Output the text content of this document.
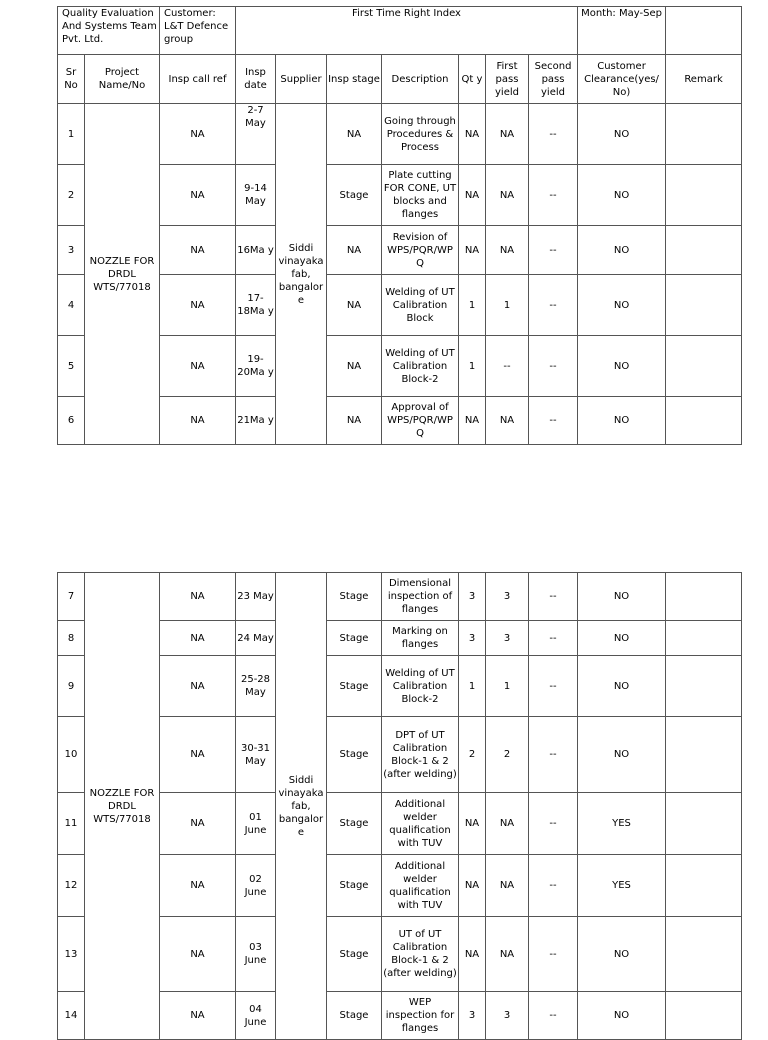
Quality Evaluation And Systems Team Pvt. Ltd.		Customer: L&T Defence group	First Time Right Index							Month: May-Sep	
Sr No	Project Name/No	Insp call ref	Insp date	Supplier	Insp stage	Description	Qt y	First pass yield	Second pass yield	Customer Clearance(yes/ No)	Remark
1	NOZZLE FOR DRDL WTS/77018	NA	2-7 May	Siddi vinayaka fab, bangalor e	NA	Going through Procedures & Process	NA	NA	--	NO	
2		NA	9-14 May		Stage	Plate cutting FOR CONE, UT blocks and flanges	NA	NA	--	NO	
3		NA	16Ma y		NA	Revision of WPS/PQR/WP Q	NA	NA	--	NO	
4		NA	17-18Ma y		NA	Welding of UT Calibration Block	1	1	--	NO	
5		NA	19-20Ma y		NA	Welding of UT Calibration Block-2	1	--	--	NO	
6		NA	21Ma y		NA	Approval of WPS/PQR/WP Q	NA	NA	--	NO	
7	NOZZLE FOR DRDL WTS/77018	NA	23 May	Siddi vinayaka fab, bangalor e	Stage	Dimensional inspection of flanges	3	3	--	NO	
8		NA	24 May		Stage	Marking on flanges	3	3	--	NO	
9		NA	25-28 May		Stage	Welding of UT Calibration Block-2	1	1	--	NO	
10		NA	30-31 May		Stage	DPT of UT Calibration Block-1 & 2 (after welding)	2	2	--	NO	
11		NA	01 June		Stage	Additional welder qualification with TUV	NA	NA	--	YES	
12		NA	02 June		Stage	Additional welder qualification with TUV	NA	NA	--	YES	
13		NA	03 June		Stage	UT of UT Calibration Block-1 & 2 (after welding)	NA	NA	--	NO	
14		NA	04 June		Stage	WEP inspection for flanges	3	3	--	NO	
